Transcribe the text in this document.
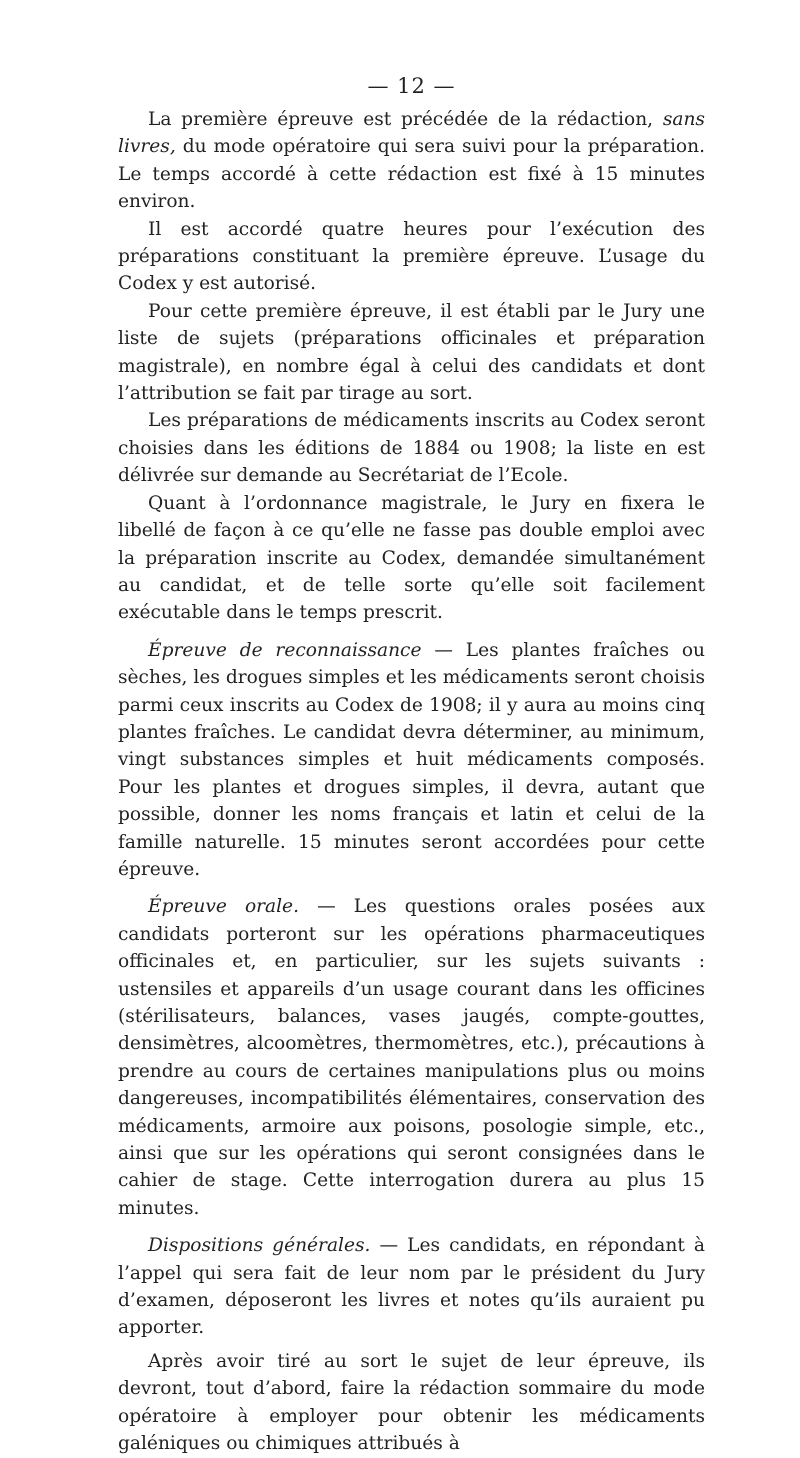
— 12 —

La première épreuve est précédée de la rédaction, sans livres, du mode opératoire qui sera suivi pour la préparation. Le temps accordé à cette rédaction est fixé à 15 minutes environ.

Il est accordé quatre heures pour l’exécution des préparations constituant la première épreuve. L’usage du Codex y est autorisé.

Pour cette première épreuve, il est établi par le Jury une liste de sujets (préparations officinales et préparation magistrale), en nombre égal à celui des candidats et dont l’attribution se fait par tirage au sort.

Les préparations de médicaments inscrits au Codex seront choisies dans les éditions de 1884 ou 1908; la liste en est délivrée sur demande au Secrétariat de l’Ecole.

Quant à l’ordonnance magistrale, le Jury en fixera le libellé de façon à ce qu’elle ne fasse pas double emploi avec la préparation inscrite au Codex, demandée simultanément au candidat, et de telle sorte qu’elle soit facilement exécutable dans le temps prescrit.

Épreuve de reconnaissance — Les plantes fraîches ou sèches, les drogues simples et les médicaments seront choisis parmi ceux inscrits au Codex de 1908; il y aura au moins cinq plantes fraîches. Le candidat devra déterminer, au minimum, vingt substances simples et huit médicaments composés. Pour les plantes et drogues simples, il devra, autant que possible, donner les noms français et latin et celui de la famille naturelle. 15 minutes seront accordées pour cette épreuve.

Épreuve orale. — Les questions orales posées aux candidats porteront sur les opérations pharmaceutiques officinales et, en particulier, sur les sujets suivants : ustensiles et appareils d’un usage courant dans les officines (stérilisateurs, balances, vases jaugés, compte-gouttes, densimètres, alcoomètres, thermomètres, etc.), précautions à prendre au cours de certaines manipulations plus ou moins dangereuses, incompatibilités élémentaires, conservation des médicaments, armoire aux poisons, posologie simple, etc., ainsi que sur les opérations qui seront consignées dans le cahier de stage. Cette interrogation durera au plus 15 minutes.

Dispositions générales. — Les candidats, en répondant à l’appel qui sera fait de leur nom par le président du Jury d’examen, déposeront les livres et notes qu’ils auraient pu apporter.

Après avoir tiré au sort le sujet de leur épreuve, ils devront, tout d’abord, faire la rédaction sommaire du mode opératoire à employer pour obtenir les médicaments galéniques ou chimiques attribués à
